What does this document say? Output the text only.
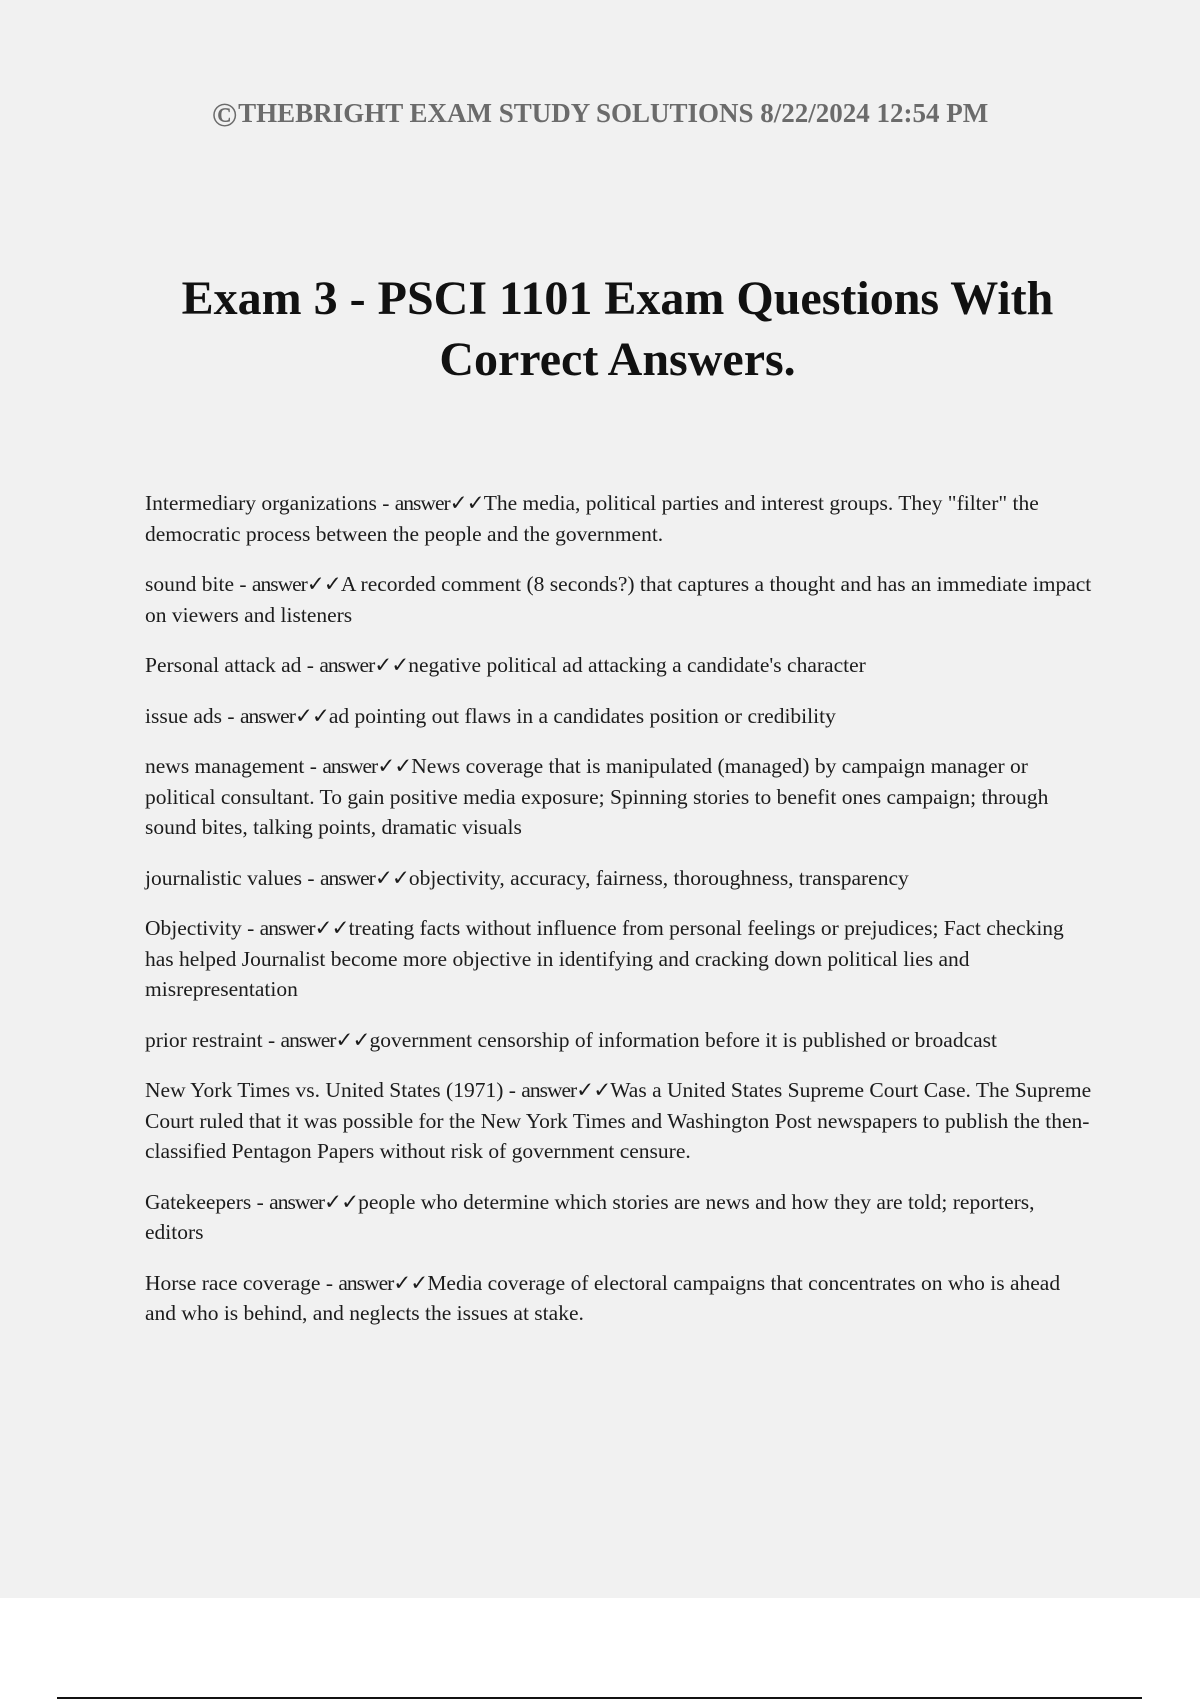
©THEBRIGHT EXAM STUDY SOLUTIONS 8/22/2024 12:54 PM
Exam 3 - PSCI 1101 Exam Questions With Correct Answers.

Intermediary organizations - answer✓✓The media, political parties and interest groups. They "filter" the democratic process between the people and the government.

sound bite - answer✓✓A recorded comment (8 seconds?) that captures a thought and has an immediate impact on viewers and listeners

Personal attack ad - answer✓✓negative political ad attacking a candidate's character

issue ads - answer✓✓ad pointing out flaws in a candidates position or credibility

news management - answer✓✓News coverage that is manipulated (managed) by campaign manager or political consultant. To gain positive media exposure; Spinning stories to benefit ones campaign; through sound bites, talking points, dramatic visuals

journalistic values - answer✓✓objectivity, accuracy, fairness, thoroughness, transparency

Objectivity - answer✓✓treating facts without influence from personal feelings or prejudices; Fact checking has helped Journalist become more objective in identifying and cracking down political lies and misrepresentation

prior restraint - answer✓✓government censorship of information before it is published or broadcast

New York Times vs. United States (1971) - answer✓✓Was a United States Supreme Court Case. The Supreme Court ruled that it was possible for the New York Times and Washington Post newspapers to publish the then-classified Pentagon Papers without risk of government censure.

Gatekeepers - answer✓✓people who determine which stories are news and how they are told; reporters, editors

Horse race coverage - answer✓✓Media coverage of electoral campaigns that concentrates on who is ahead and who is behind, and neglects the issues at stake.
